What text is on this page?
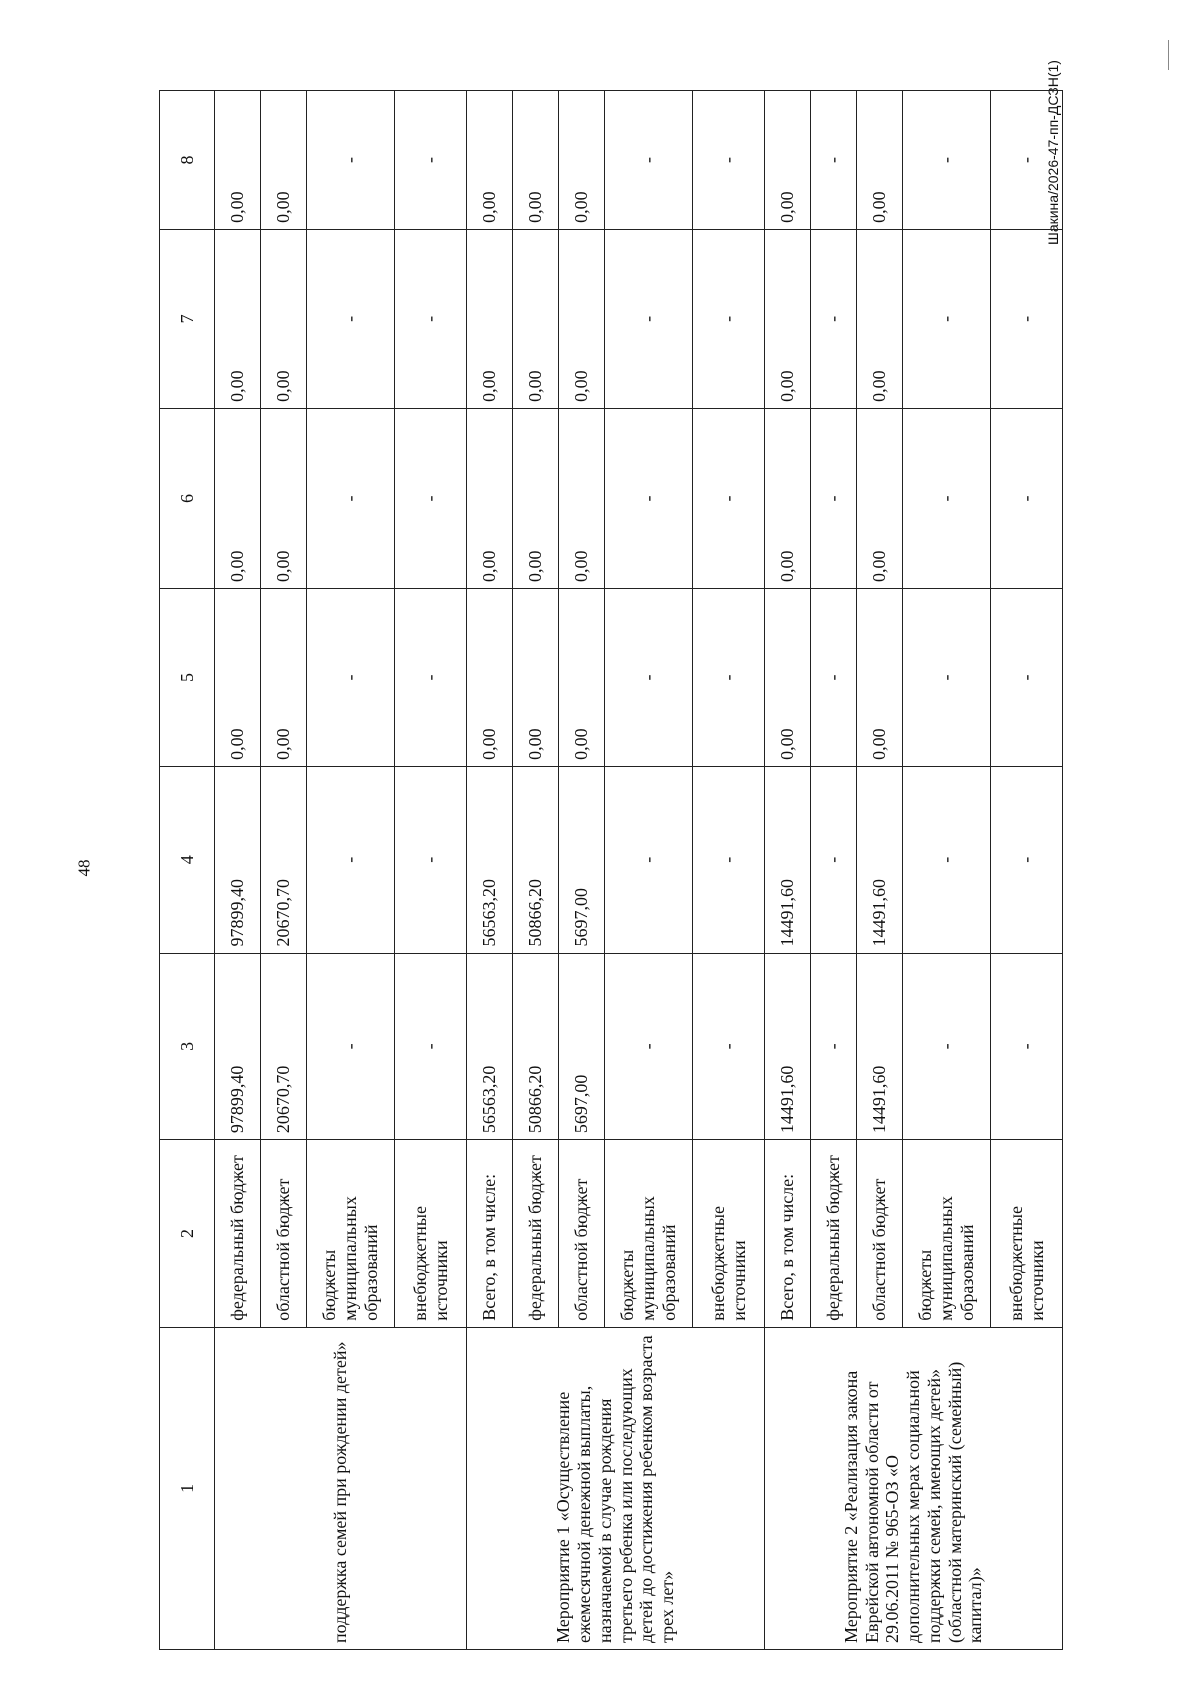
48
Шакина/2026-47-пп-ДСЗН(1)
1	2	3	4	5	6	7	8
поддержка семей при рождении детей»	федеральный бюджет	97899,40	97899,40	0,00	0,00	0,00	0,00
	областной бюджет	20670,70	20670,70	0,00	0,00	0,00	0,00
	бюджеты муниципальных образований	-	-	-	-	-	-
	внебюджетные источники	-	-	-	-	-	-
Мероприятие 1 «Осуществление ежемесячной денежной выплаты, назначаемой в случае рождения третьего ребенка или последующих детей до достижения ребенком возраста трех лет»	Всего, в том числе:	56563,20	56563,20	0,00	0,00	0,00	0,00
	федеральный бюджет	50866,20	50866,20	0,00	0,00	0,00	0,00
	областной бюджет	5697,00	5697,00	0,00	0,00	0,00	0,00
	бюджеты муниципальных образований	-	-	-	-	-	-
	внебюджетные источники	-	-	-	-	-	-
Мероприятие 2 «Реализация закона Еврейской автономной области от 29.06.2011 № 965-ОЗ «О дополнительных мерах социальной поддержки семей, имеющих детей» (областной материнский (семейный) капитал)»	Всего, в том числе:	14491,60	14491,60	0,00	0,00	0,00	0,00
	федеральный бюджет	-	-	-	-	-	-
	областной бюджет	14491,60	14491,60	0,00	0,00	0,00	0,00
	бюджеты муниципальных образований	-	-	-	-	-	-
	внебюджетные источники	-	-	-	-	-	-
